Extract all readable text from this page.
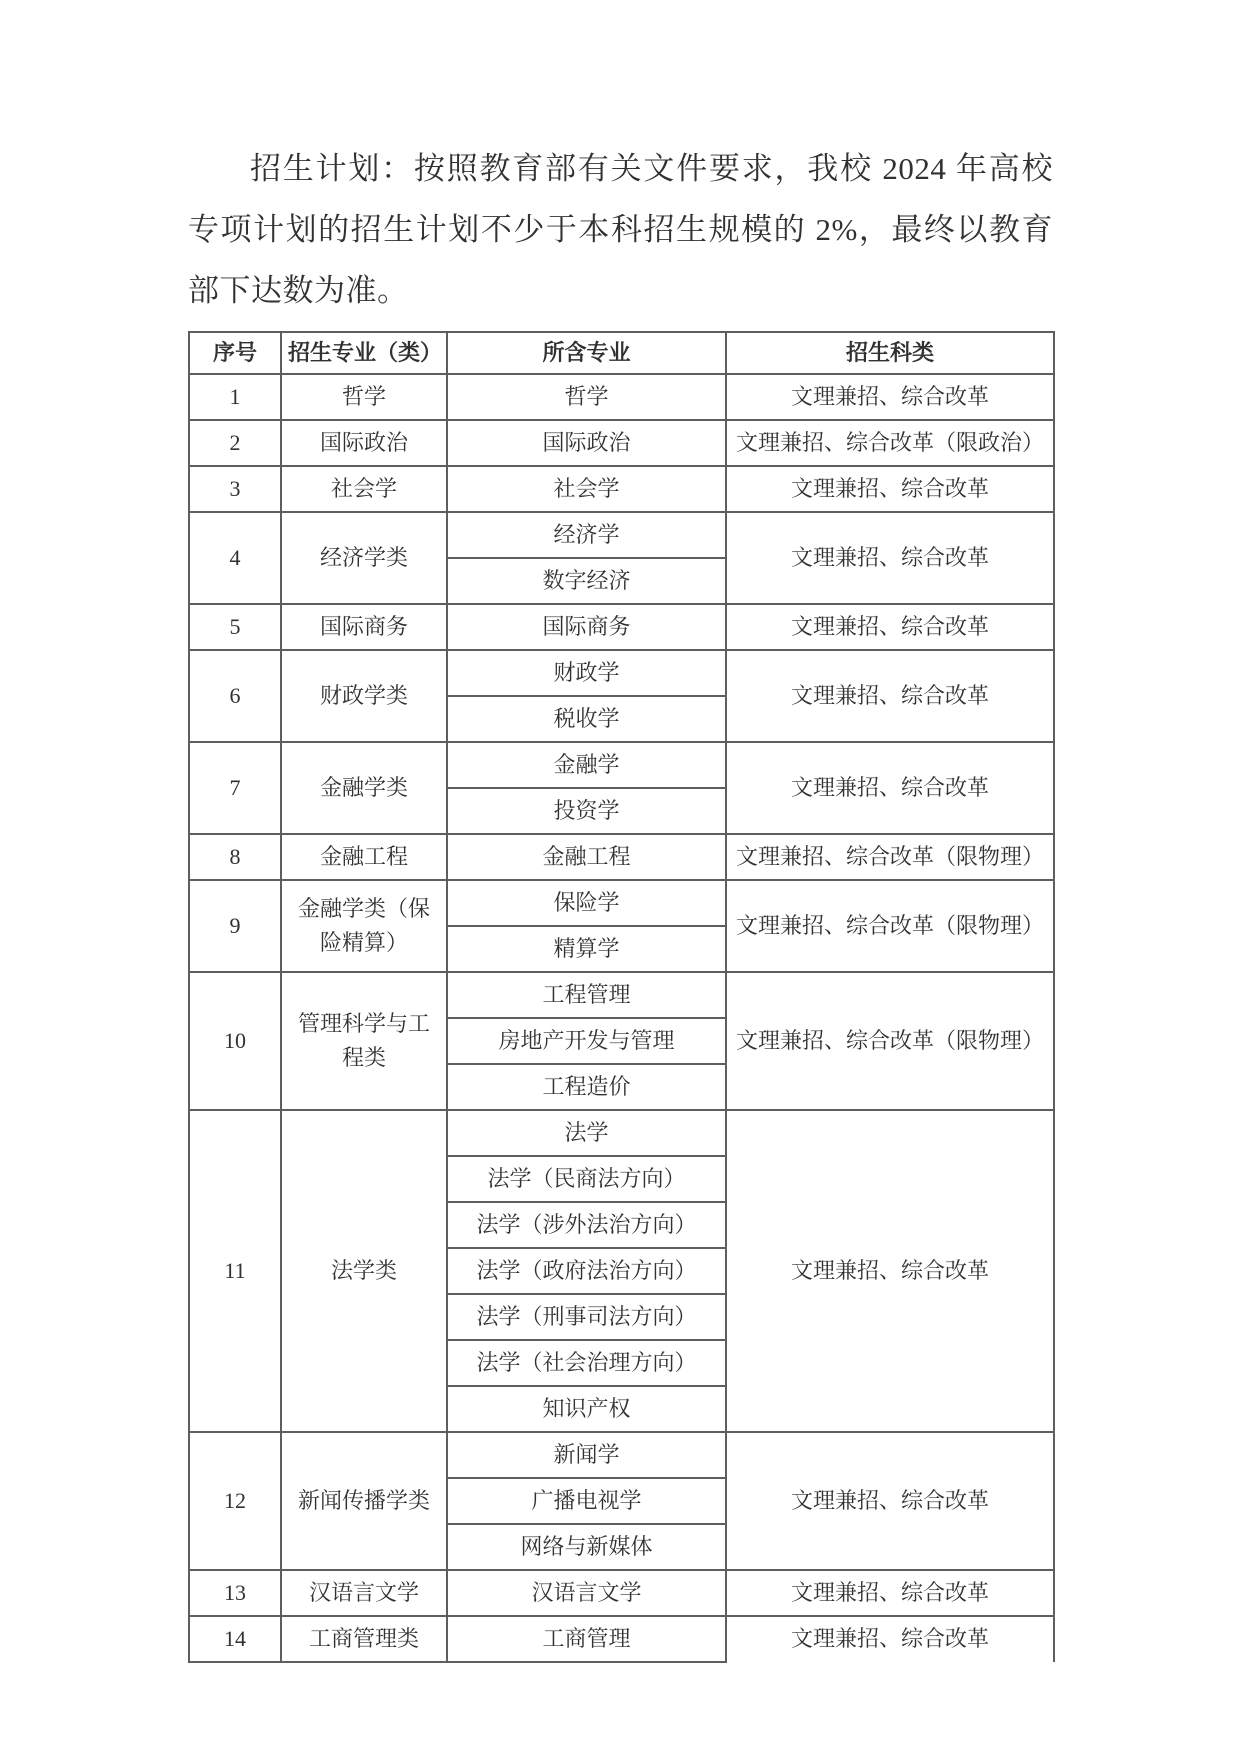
招生计划：按照教育部有关文件要求，我校 2024 年高校专项计划的招生计划不少于本科招生规模的 2%，最终以教育部下达数为准。

序号	招生专业（类）	所含专业	招生科类
1	哲学	哲学	文理兼招、综合改革
2	国际政治	国际政治	文理兼招、综合改革（限政治）
3	社会学	社会学	文理兼招、综合改革
4	经济学类	经济学	文理兼招、综合改革
		数字经济	
5	国际商务	国际商务	文理兼招、综合改革
6	财政学类	财政学	文理兼招、综合改革
		税收学	
7	金融学类	金融学	文理兼招、综合改革
		投资学	
8	金融工程	金融工程	文理兼招、综合改革（限物理）
9	金融学类（保险精算）	保险学	文理兼招、综合改革（限物理）
		精算学	
10	管理科学与工程类	工程管理	文理兼招、综合改革（限物理）
		房地产开发与管理	
		工程造价	
11	法学类	法学	文理兼招、综合改革
		法学（民商法方向）	
		法学（涉外法治方向）	
		法学（政府法治方向）	
		法学（刑事司法方向）	
		法学（社会治理方向）	
		知识产权	
12	新闻传播学类	新闻学	文理兼招、综合改革
		广播电视学	
		网络与新媒体	
13	汉语言文学	汉语言文学	文理兼招、综合改革
14	工商管理类	工商管理	文理兼招、综合改革
